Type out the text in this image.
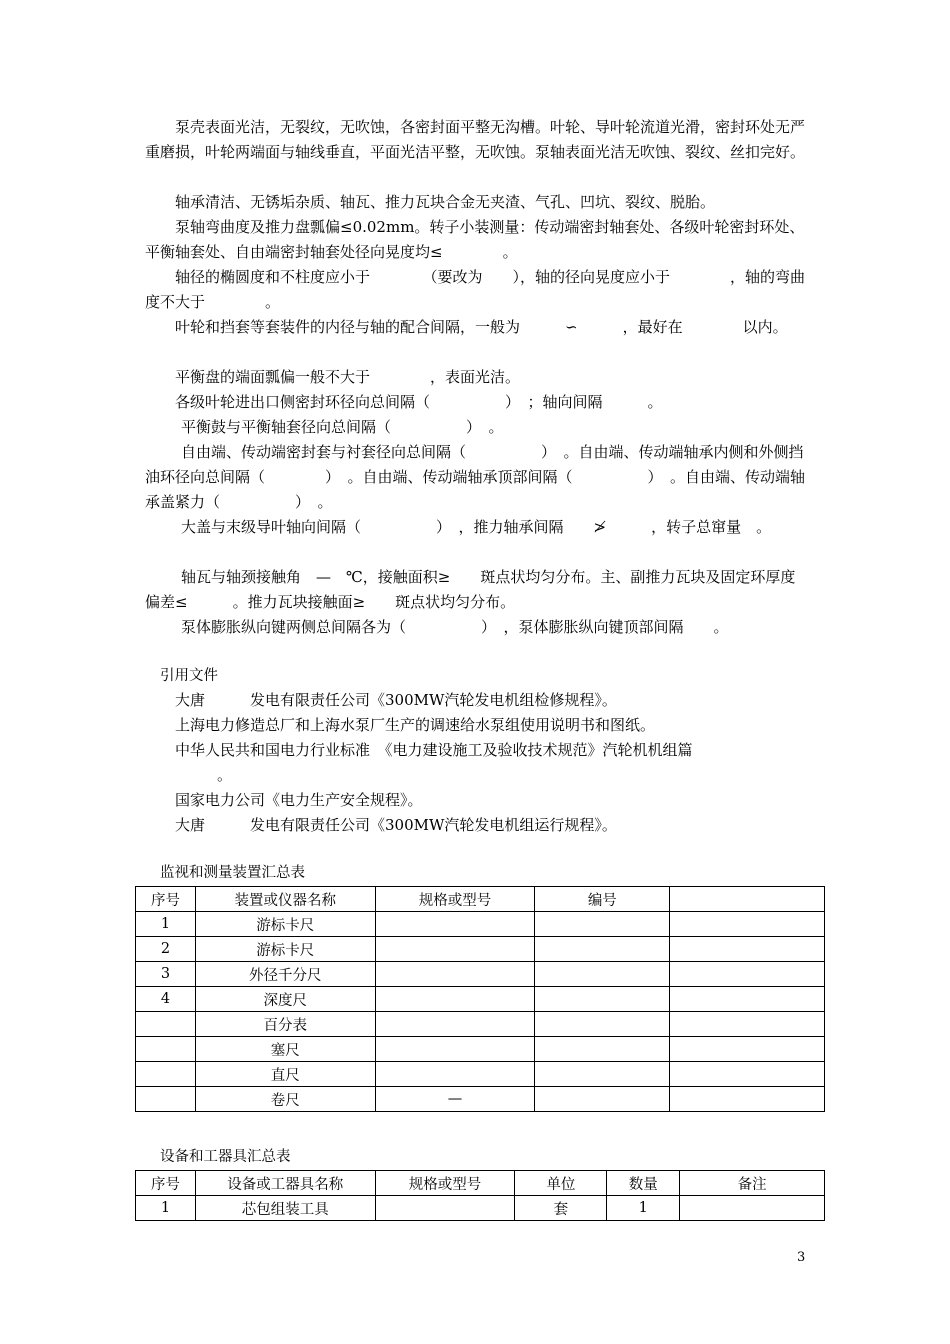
泵壳表面光洁，无裂纹，无吹蚀，各密封面平整无沟槽。叶轮、导叶轮流道光滑，密封环处无严重磨损，叶轮两端面与轴线垂直，平面光洁平整，无吹蚀。泵轴表面光洁无吹蚀、裂纹、丝扣完好。
轴承清洁、无锈垢杂质、轴瓦、推力瓦块合金无夹渣、气孔、凹坑、裂纹、脱胎。
泵轴弯曲度及推力盘瓢偏≤0.02mm。转子小装测量：传动端密封轴套处、各级叶轮密封环处、平衡轴套处、自由端密封轴套处径向晃度均≤　　　　。
轴径的椭圆度和不柱度应小于　　　　（要改为　　），轴的径向晃度应小于　　　　，轴的弯曲度不大于　　　　。
叶轮和挡套等套装件的内径与轴的配合间隔，一般为　　　∽　　　，最好在　　　　以内。
平衡盘的端面瓢偏一般不大于　　　　，表面光洁。
各级叶轮进出口侧密封环径向总间隔（　　　　　）　；轴向间隔　　　。
平衡鼓与平衡轴套径向总间隔（　　　　　）　。
自由端、传动端密封套与衬套径向总间隔（　　　　　）　。自由端、传动端轴承内侧和外侧挡油环径向总间隔（　　　　）　。自由端、传动端轴承顶部间隔（　　　　　）　。自由端、传动端轴承盖紧力（　　　　　）　。
大盖与末级导叶轴向间隔（　　　　　）　，推力轴承间隔　　≯　　　，转子总窜量　。
轴瓦与轴颈接触角　—　℃，接触面积≥　　斑点状均匀分布。主、副推力瓦块及固定环厚度偏差≤　　　。推力瓦块接触面≥　　斑点状均匀分布。
泵体膨胀纵向键两侧总间隔各为（　　　　　）　，泵体膨胀纵向键顶部间隔　　。
引用文件
大唐　　　发电有限责任公司《300MW汽轮发电机组检修规程》。
上海电力修造总厂和上海水泵厂生产的调速给水泵组使用说明书和图纸。
中华人民共和国电力行业标准　《电力建设施工及验收技术规范》汽轮机机组篇
。
国家电力公司《电力生产安全规程》。
大唐　　　发电有限责任公司《300MW汽轮发电机组运行规程》。
监视和测量装置汇总表
序号	装置或仪器名称	规格或型号	编号	
1	游标卡尺			
2	游标卡尺			
3	外径千分尺			
4	深度尺			
	百分表			
	塞尺			
	直尺			
	卷尺	—		
设备和工器具汇总表
序号	设备或工器具名称	规格或型号	单位	数量	备注
1	芯包组装工具		套	1	
3
